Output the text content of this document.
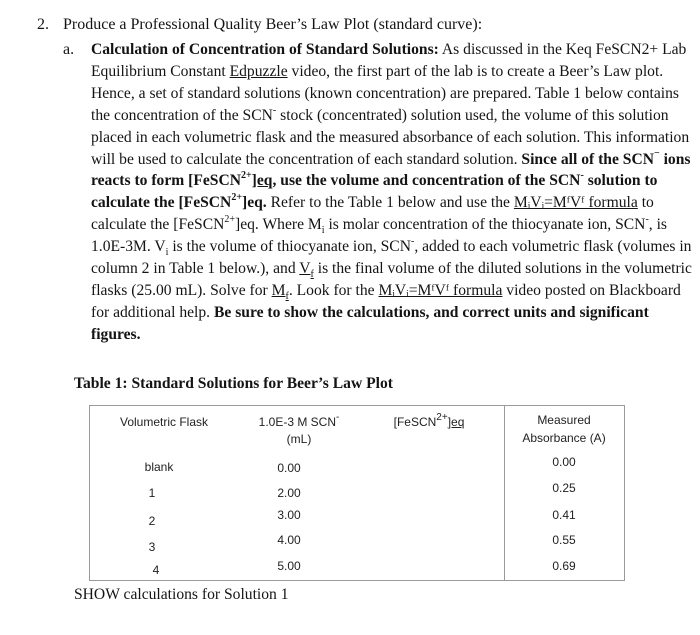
2. Produce a Professional Quality Beer’s Law Plot (standard curve):
a. Calculation of Concentration of Standard Solutions: As discussed in the Keq FeSCN2+ Lab Equilibrium Constant Edpuzzle video, the first part of the lab is to create a Beer’s Law plot. Hence, a set of standard solutions (known concentration) are prepared. Table 1 below contains the concentration of the SCN- stock (concentrated) solution used, the volume of this solution placed in each volumetric flask and the measured absorbance of each solution. This information will be used to calculate the concentration of each standard solution. Since all of the SCN− ions reacts to form [FeSCN$^{2+}$]eq, use the volume and concentration of the SCN- solution to calculate the [FeSCN$^{2+}$]eq. Refer to the Table 1 below and use the MᵢVᵢ=MᶠVᶠ formula to calculate the [FeSCN$^{2+}$]eq. Where $M_i$ is molar concentration of the thiocyanate ion, SCN-, is 1.0E-3M. $V_i$ is the volume of thiocyanate ion, SCN-, added to each volumetric flask (volumes in column 2 in Table 1 below.), and $V_f$ is the final volume of the diluted solutions in the volumetric flasks (25.00 mL). Solve for $M_f$. Look for the MᵢVᵢ=MᶠVᶠ formula video posted on Blackboard for additional help. Be sure to show the calculations, and correct units and significant figures.

Table 1: Standard Solutions for Beer’s Law Plot
Volumetric Flask	1.0E-3 M SCN-
(mL)
[FeSCN$^{2+}$]eq	Measured
Absorbance (A)
blank
1
2
3
4
0.00
2.00
3.00
4.00
5.00
0.00
0.25
0.41
0.55
0.69
SHOW calculations for Solution 1
